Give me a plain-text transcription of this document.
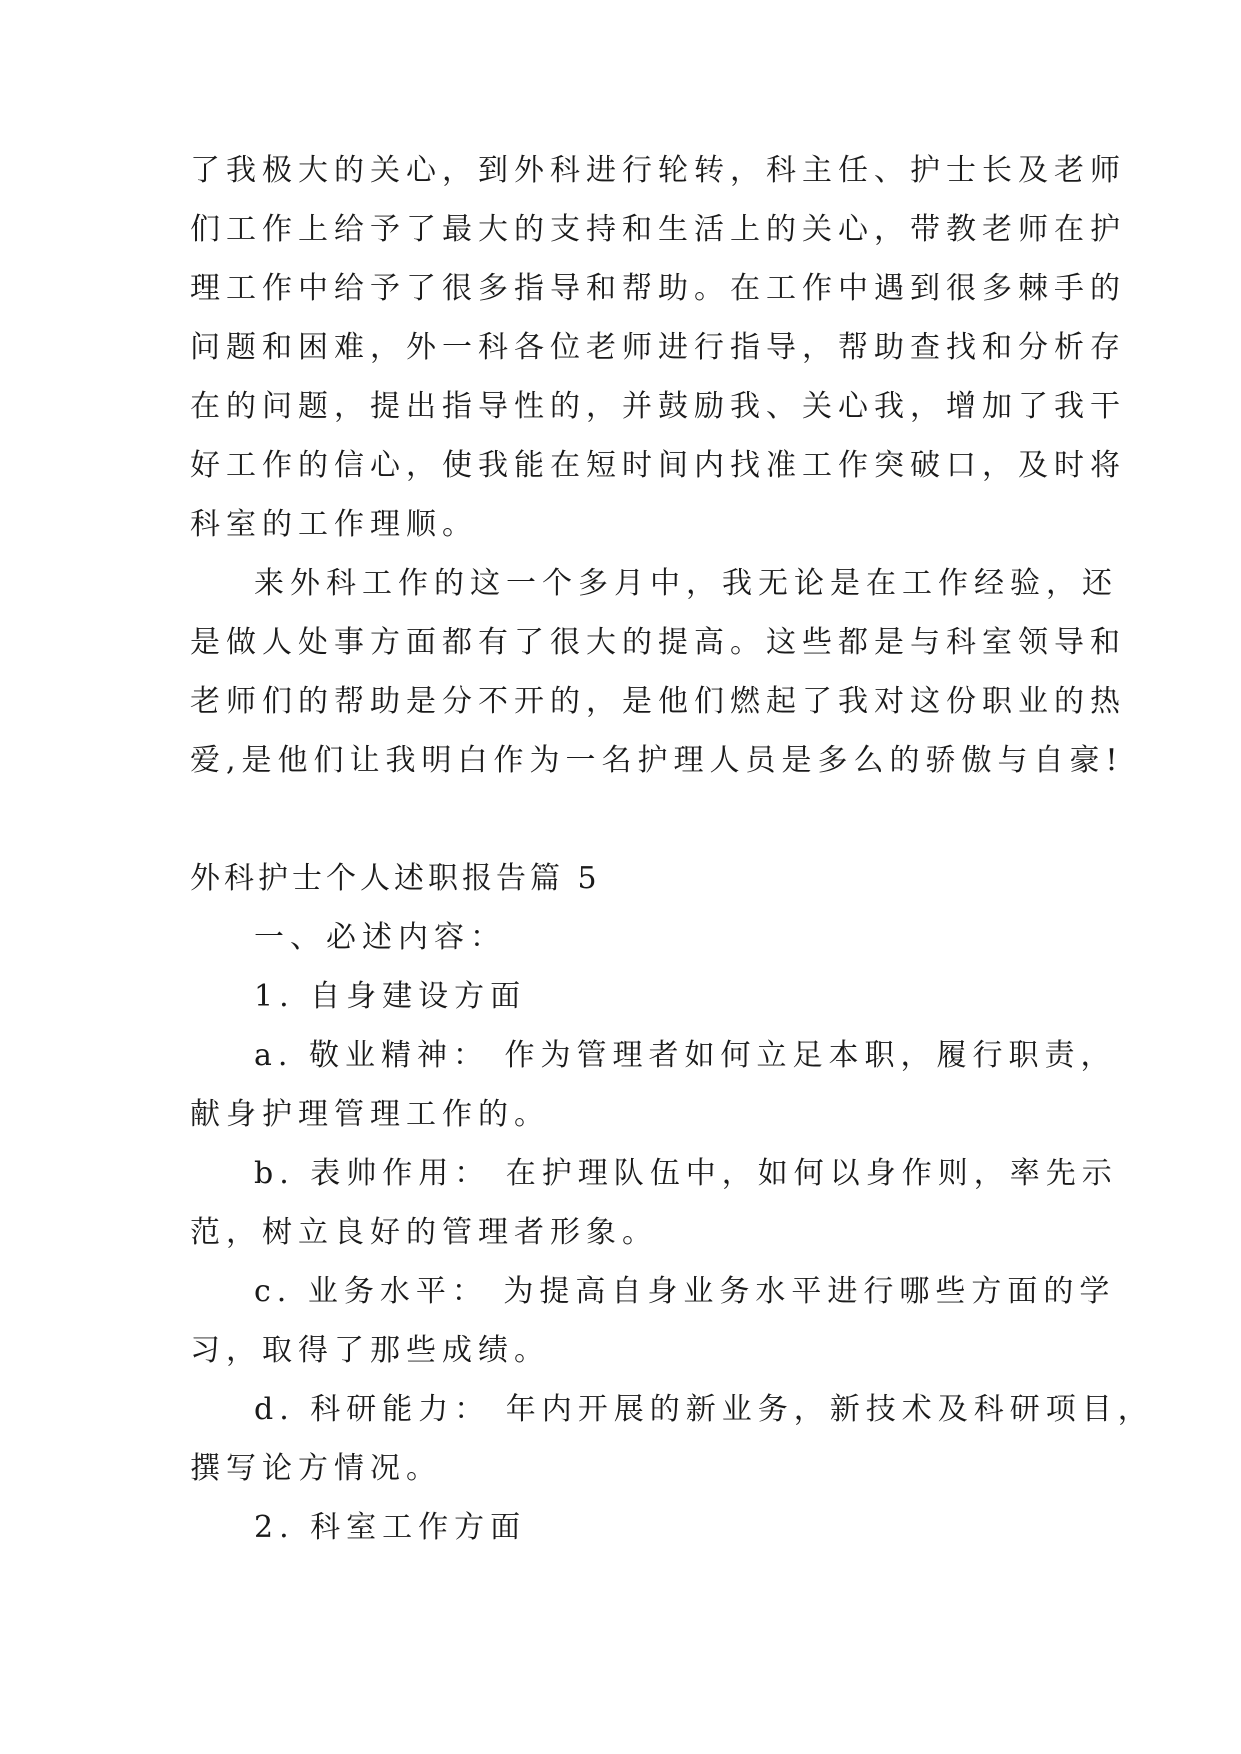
了我极大的关心，到外科进行轮转，科主任、护士长及老师
们工作上给予了最大的支持和生活上的关心，带教老师在护
理工作中给予了很多指导和帮助。在工作中遇到很多棘手的
问题和困难，外一科各位老师进行指导，帮助查找和分析存
在的问题，提出指导性的，并鼓励我、关心我，增加了我干
好工作的信心，使我能在短时间内找准工作突破口，及时将
科室的工作理顺。
来外科工作的这一个多月中，我无论是在工作经验，还
是做人处事方面都有了很大的提高。这些都是与科室领导和
老师们的帮助是分不开的，是他们燃起了我对这份职业的热
爱,是他们让我明白作为一名护理人员是多么的骄傲与自豪!
外科护士个人述职报告篇 5
一、必述内容：
1. 自身建设方面
a. 敬业精神： 作为管理者如何立足本职，履行职责，
献身护理管理工作的。
b. 表帅作用： 在护理队伍中，如何以身作则，率先示
范，树立良好的管理者形象。
c. 业务水平： 为提高自身业务水平进行哪些方面的学
习，取得了那些成绩。
d. 科研能力： 年内开展的新业务，新技术及科研项目，
撰写论方情况。
2. 科室工作方面
